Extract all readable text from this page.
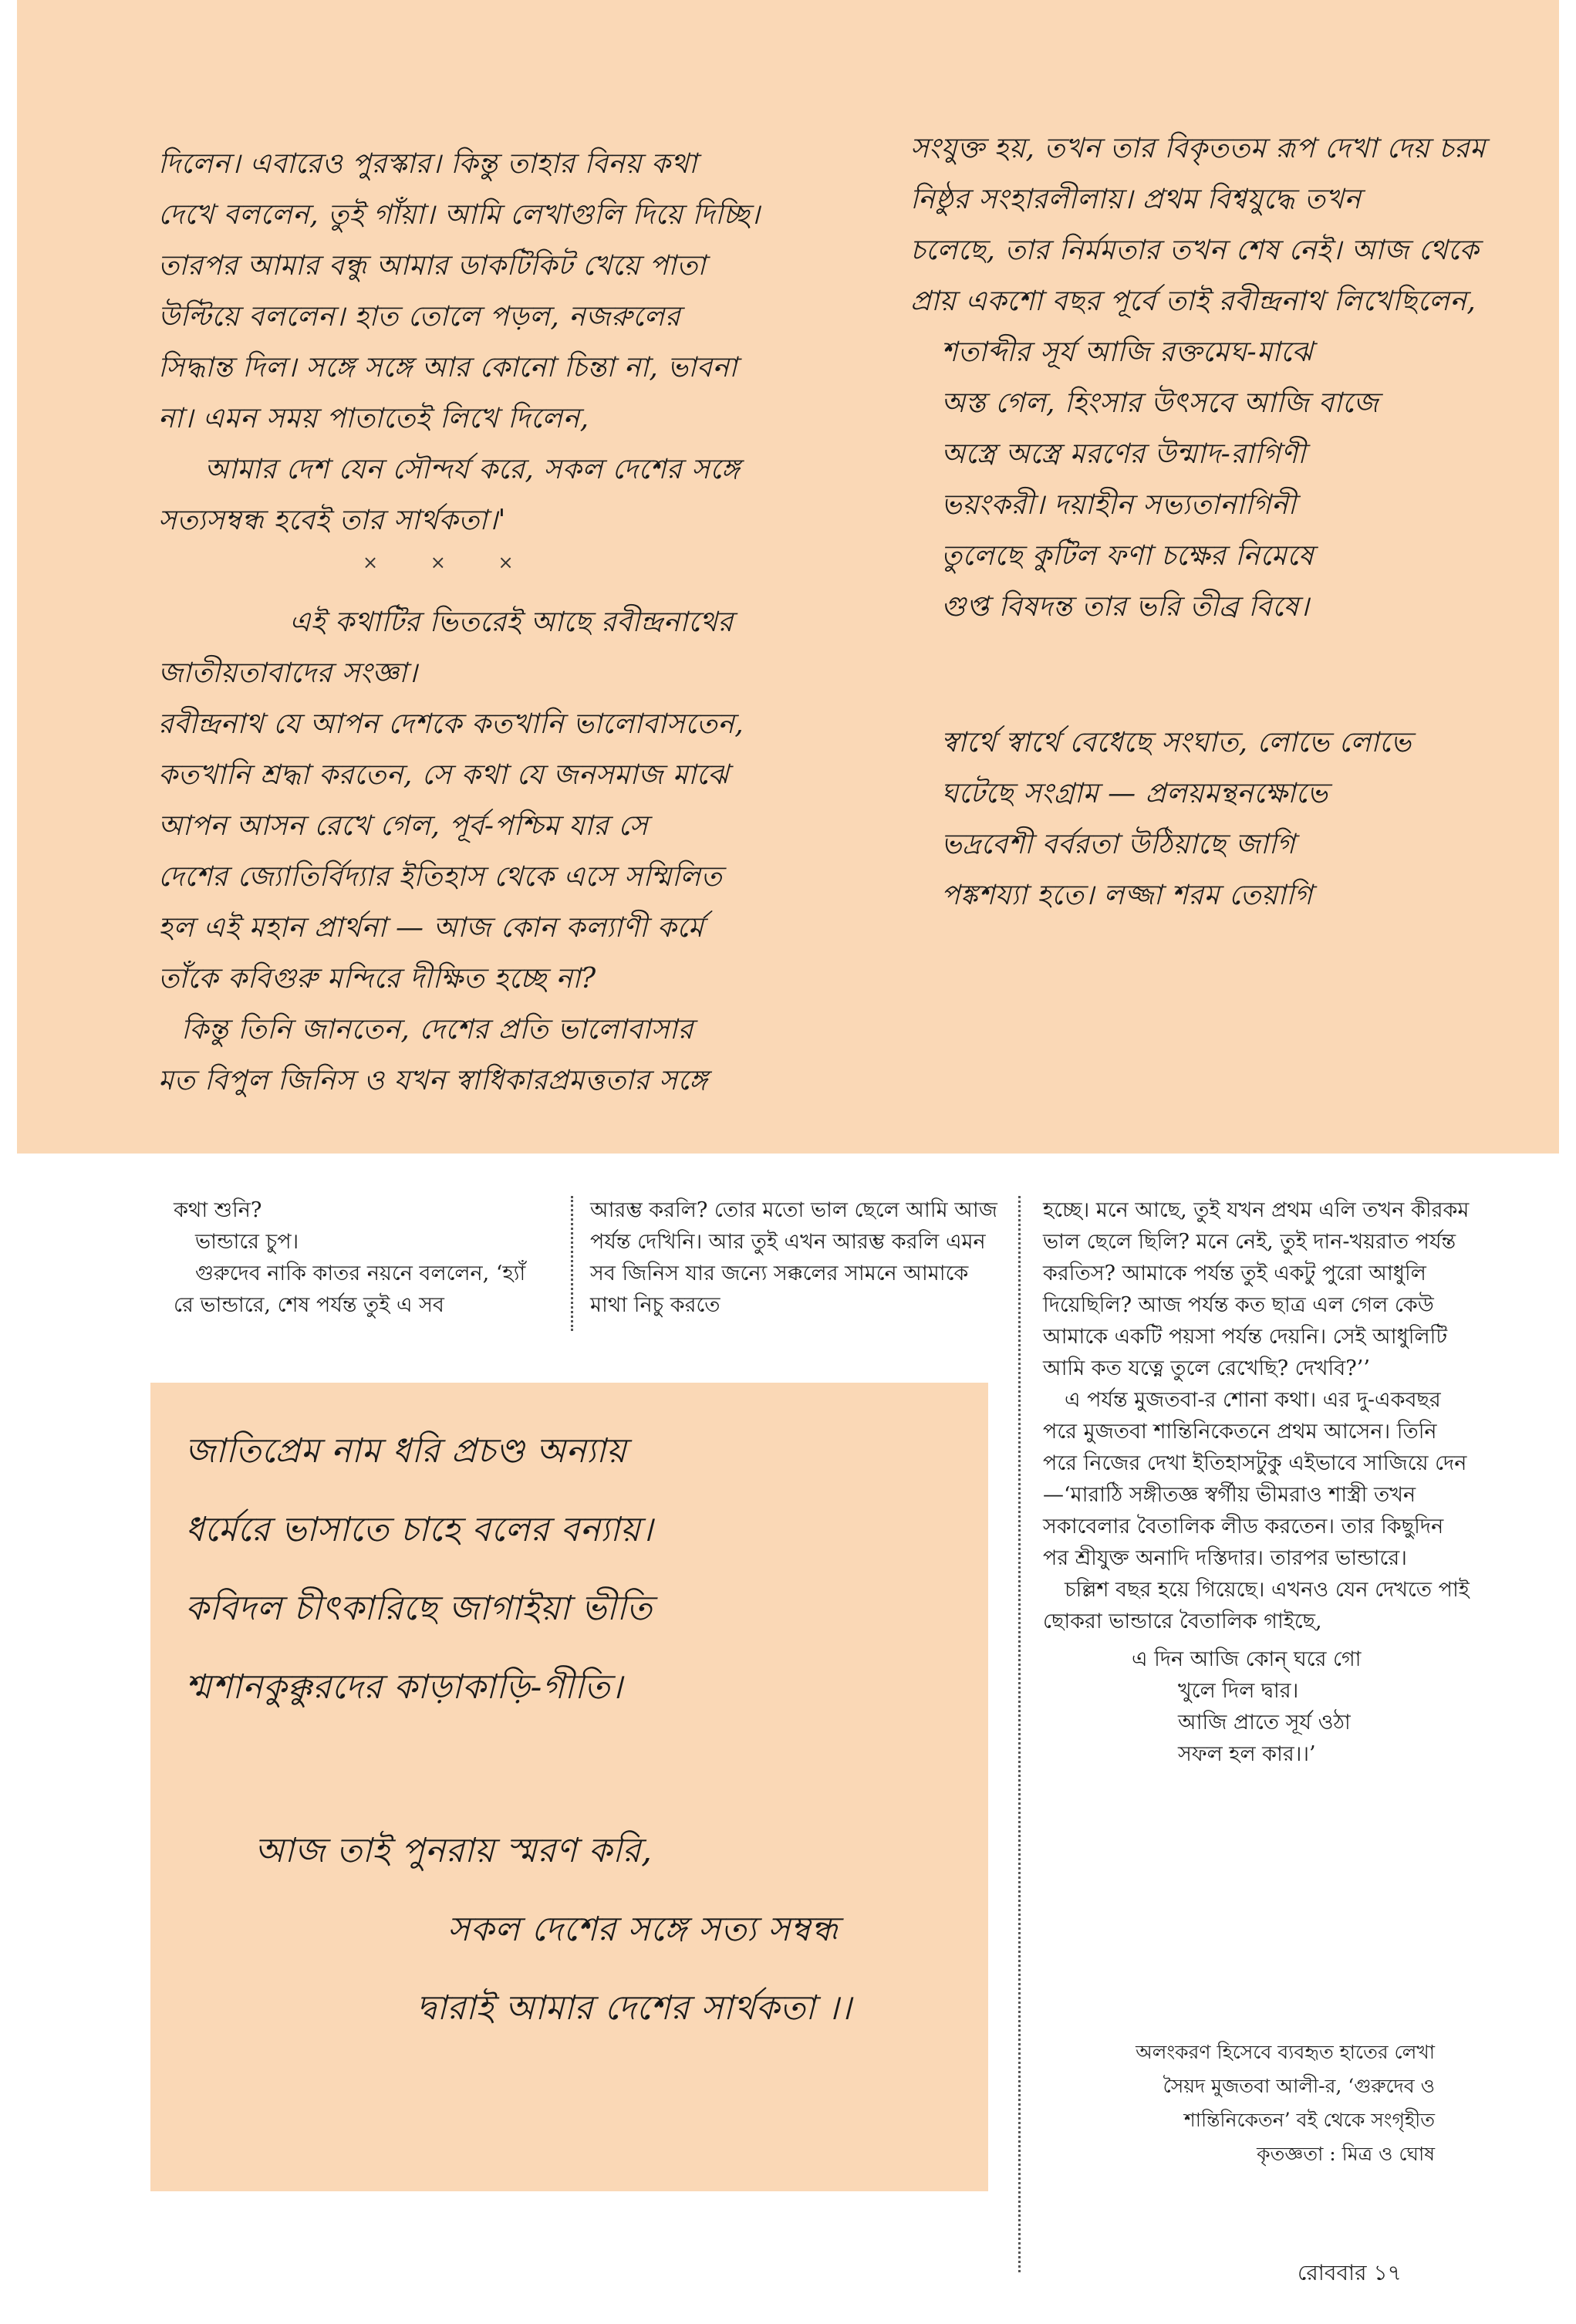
দিলেন। এবারেও পুরস্কার। কিন্তু তাহার বিনয় কথা
দেখে বললেন, তুই গাঁয়া। আমি লেখাগুলি দিয়ে দিচ্ছি।
তারপর আমার বন্ধু আমার ডাকটিকিট খেয়ে পাতা
উল্টিয়ে বললেন। হাত তোলে পড়ল, নজরুলের
সিদ্ধান্ত দিল। সঙ্গে সঙ্গে আর কোনো চিন্তা না, ভাবনা
না। এমন সময় পাতাতেই লিখে দিলেন,
আমার দেশ যেন সৌন্দর্য করে, সকল দেশের সঙ্গে
সত্যসম্বন্ধ হবেই তার সার্থকতা।'
এই কথাটির ভিতরেই আছে রবীন্দ্রনাথের
জাতীয়তাবাদের সংজ্ঞা।
রবীন্দ্রনাথ যে আপন দেশকে কতখানি ভালোবাসতেন,
কতখানি শ্রদ্ধা করতেন, সে কথা যে জনসমাজ মাঝে
আপন আসন রেখে গেল, পূর্ব-পশ্চিম যার সে
দেশের জ্যোতির্বিদ্যার ইতিহাস থেকে এসে সম্মিলিত
হল এই মহান প্রার্থনা — আজ কোন কল্যাণী কর্মে
তাঁকে কবিগুরু মন্দিরে দীক্ষিত হচ্ছে না?
কিন্তু তিনি জানতেন, দেশের প্রতি ভালোবাসার
মত বিপুল জিনিস ও যখন স্বাধিকারপ্রমত্ততার সঙ্গে
× × ×
সংযুক্ত হয়, তখন তার বিকৃততম রূপ দেখা দেয় চরম
নিষ্ঠুর সংহারলীলায়। প্রথম বিশ্বযুদ্ধে তখন
চলেছে, তার নির্মমতার তখন শেষ নেই। আজ থেকে
প্রায় একশো বছর পূর্বে তাই রবীন্দ্রনাথ লিখেছিলেন,
শতাব্দীর সূর্য আজি রক্তমেঘ-মাঝে
অস্ত গেল, হিংসার উৎসবে আজি বাজে
অস্ত্রে অস্ত্রে মরণের উন্মাদ-রাগিণী
ভয়ংকরী। দয়াহীন সভ্যতানাগিনী
তুলেছে কুটিল ফণা চক্ষের নিমেষে
গুপ্ত বিষদন্ত তার ভরি তীব্র বিষে।
স্বার্থে স্বার্থে বেধেছে সংঘাত, লোভে লোভে
ঘটেছে সংগ্রাম — প্রলয়মন্থনক্ষোভে
ভদ্রবেশী বর্বরতা উঠিয়াছে জাগি
পঙ্কশয্যা হতে। লজ্জা শরম তেয়াগি

কথা শুনি?

ভান্ডারে চুপ।

গুরুদেব নাকি কাতর নয়নে বললেন, ‘হ্যাঁ রে ভান্ডারে, শেষ পর্যন্ত তুই এ সব

আরম্ভ করলি? তোর মতো ভাল ছেলে আমি আজ পর্যন্ত দেখিনি। আর তুই এখন আরম্ভ করলি এমন সব জিনিস যার জন্যে সক্কলের সামনে আমাকে মাথা নিচু করতে

হচ্ছে। মনে আছে, তুই যখন প্রথম এলি তখন কীরকম ভাল ছেলে ছিলি? মনে নেই, তুই দান-খয়রাত পর্যন্ত করতিস? আমাকে পর্যন্ত তুই একটু পুরো আধুলি দিয়েছিলি? আজ পর্যন্ত কত ছাত্র এল গেল কেউ আমাকে একটি পয়সা পর্যন্ত দেয়নি। সেই আধুলিটি আমি কত যত্নে তুলে রেখেছি? দেখবি?’’

এ পর্যন্ত মুজতবা-র শোনা কথা। এর দু-একবছর পরে মুজতবা শান্তিনিকেতনে প্রথম আসেন। তিনি পরে নিজের দেখা ইতিহাসটুকু এইভাবে সাজিয়ে দেন—‘মারাঠি সঙ্গীতজ্ঞ স্বর্গীয় ভীমরাও শাস্ত্রী তখন সকাবেলার বৈতালিক লীড করতেন। তার কিছুদিন পর শ্রীযুক্ত অনাদি দস্তিদার। তারপর ভান্ডারে।

চল্লিশ বছর হয়ে গিয়েছে। এখনও যেন দেখতে পাই ছোকরা ভান্ডারে বৈতালিক গাইছে,

এ দিন আজি কোন্ ঘরে গো
খুলে দিল দ্বার।
আজি প্রাতে সূর্য ওঠা
সফল হল কার।।’
জাতিপ্রেম নাম ধরি প্রচণ্ড অন্যায়
ধর্মেরে ভাসাতে চাহে বলের বন্যায়।
কবিদল চীৎকারিছে জাগাইয়া ভীতি
শ্মশানকুক্কুরদের কাড়াকাড়ি-গীতি।
আজ তাই পুনরায় স্মরণ করি,
সকল দেশের সঙ্গে সত্য সম্বন্ধ
দ্বারাই আমার দেশের সার্থকতা ।।
অলংকরণ হিসেবে ব্যবহৃত হাতের লেখা
সৈয়দ মুজতবা আলী-র, ‘গুরুদেব ও
শান্তিনিকেতন’ বই থেকে সংগৃহীত
কৃতজ্ঞতা : মিত্র ও ঘোষ
রোববার ১৭
